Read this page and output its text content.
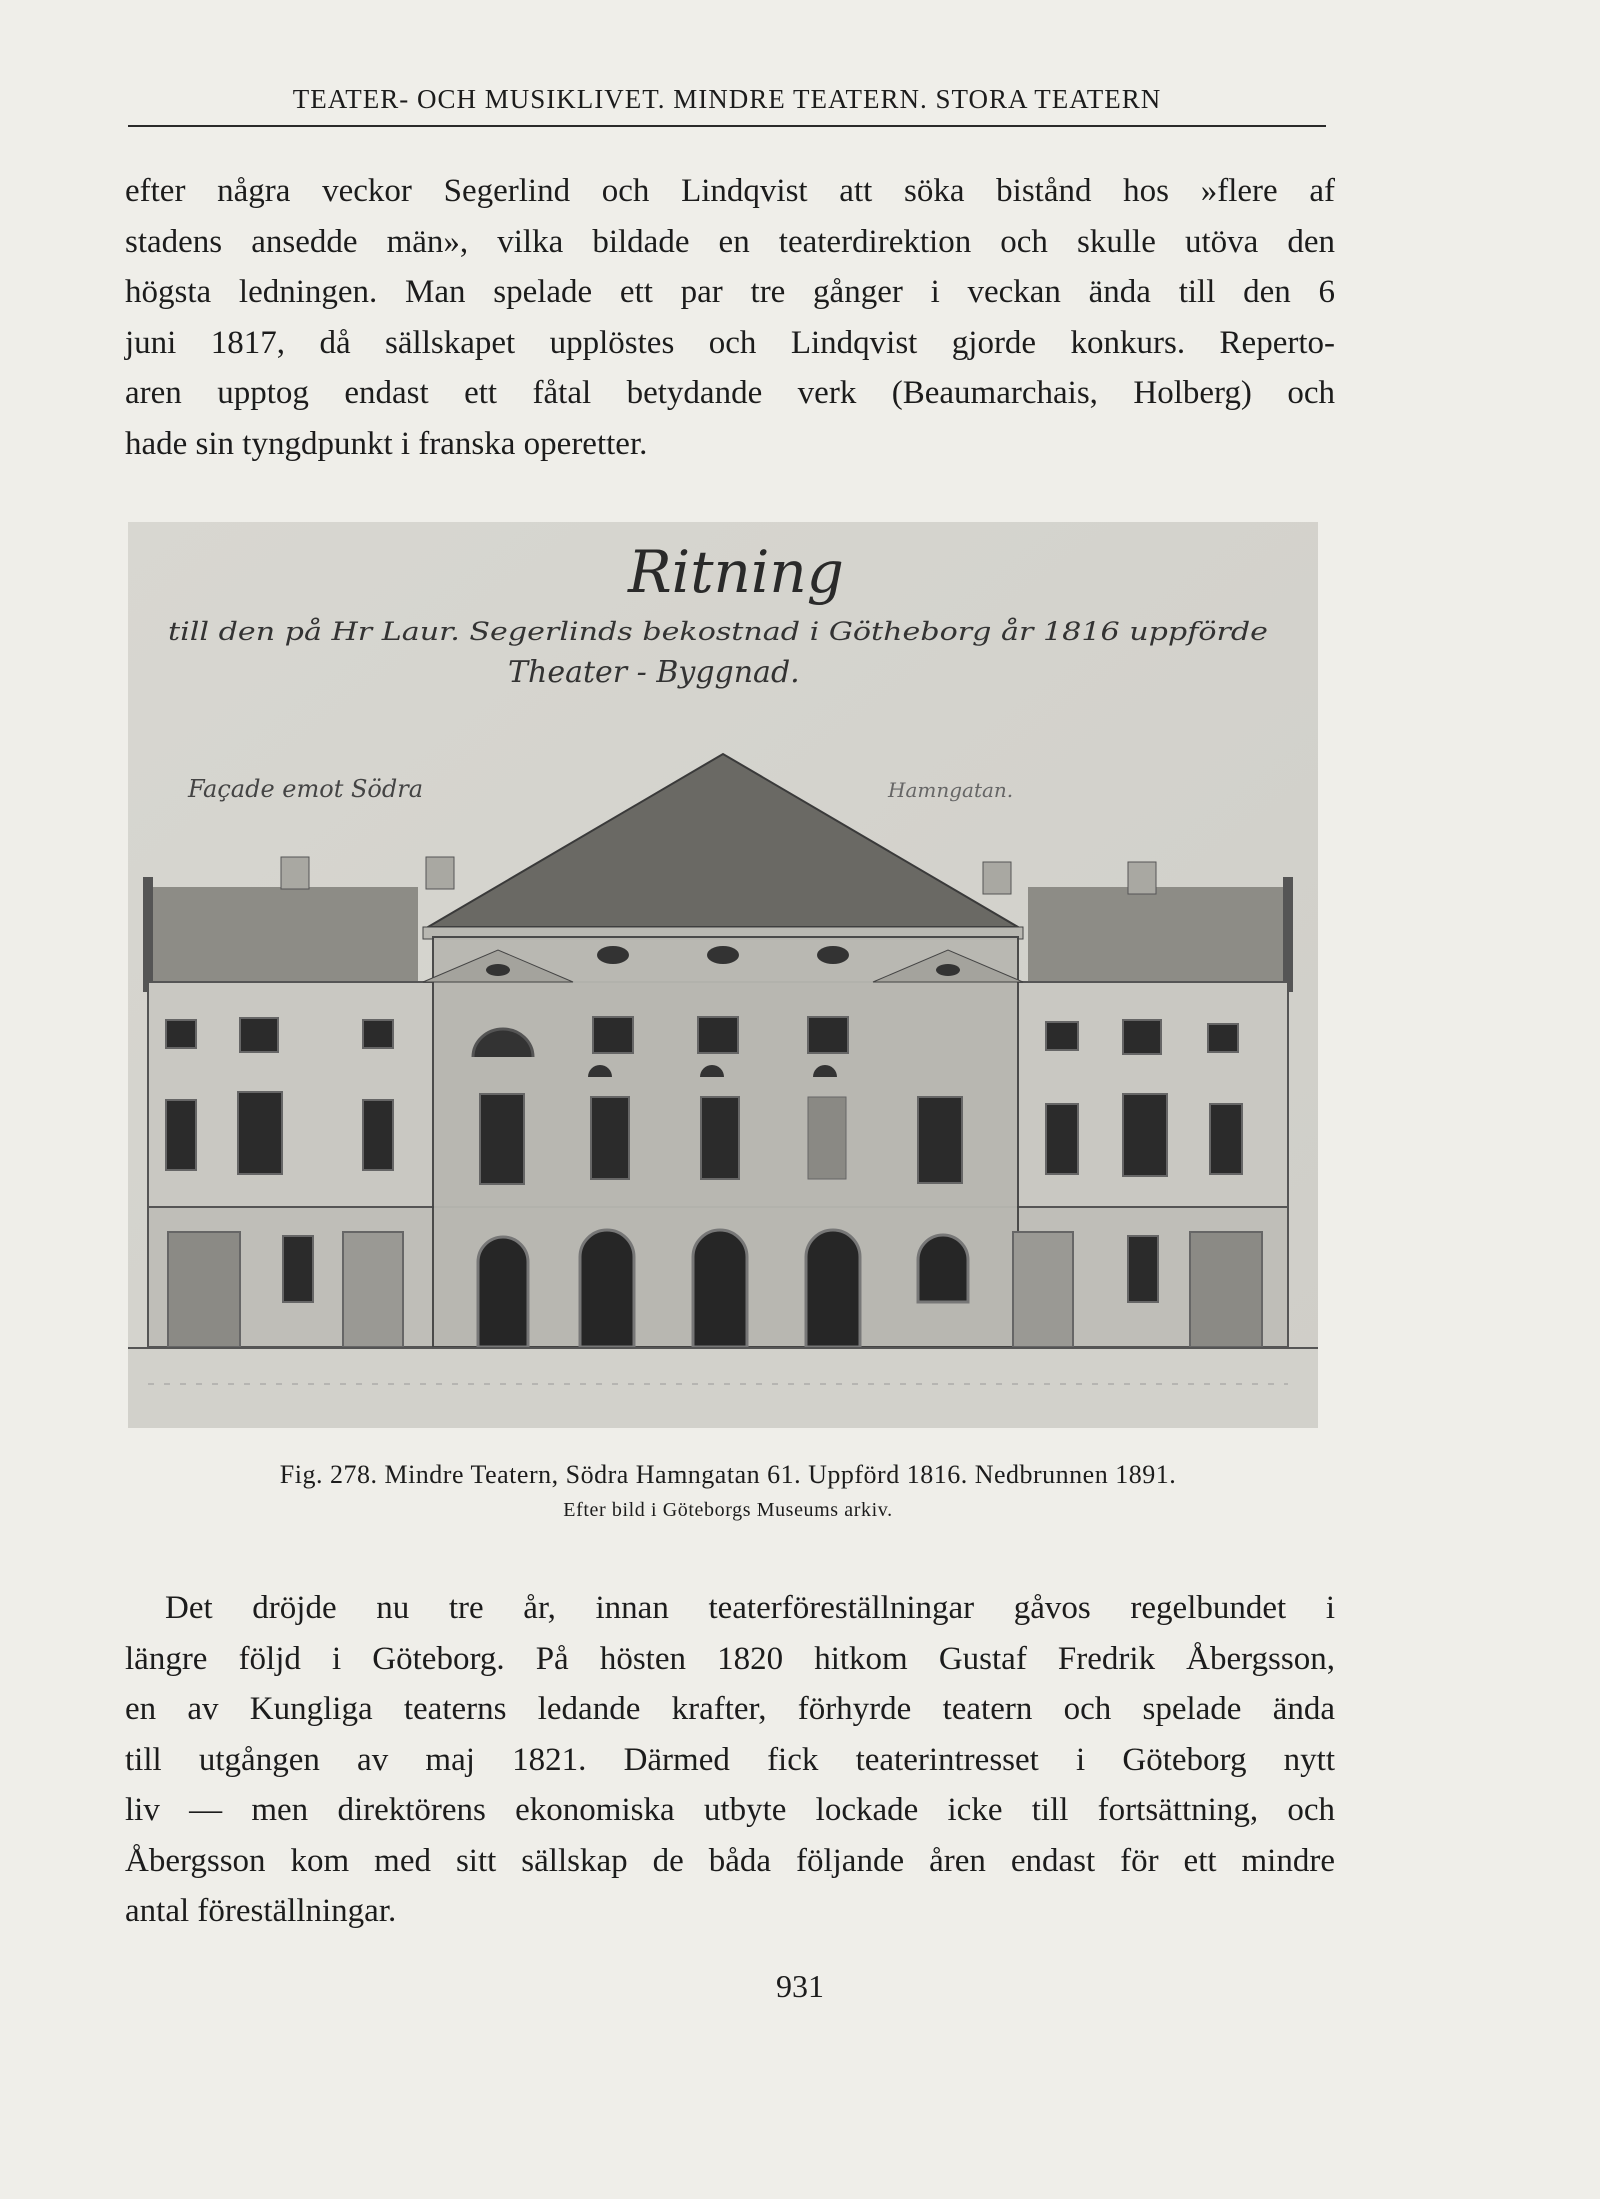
TEATER- OCH MUSIKLIVET. MINDRE TEATERN. STORA TEATERN
efter några veckor Segerlind och Lindqvist att söka bistånd hos »flere af
stadens ansedde män», vilka bildade en teaterdirektion och skulle utöva den
högsta ledningen. Man spelade ett par tre gånger i veckan ända till den 6
juni 1817, då sällskapet upplöstes och Lindqvist gjorde konkurs. Reperto-
aren upptog endast ett fåtal betydande verk (Beaumarchais, Holberg) och
hade sin tyngdpunkt i franska operetter.
Ritning
till den på Hr Laur. Segerlinds bekostnad i Götheborg år 1816 uppförde
Theater - Byggnad.
Façade emot Södra	Hamngatan.
Fig. 278. Mindre Teatern, Södra Hamngatan 61. Uppförd 1816. Nedbrunnen 1891.
Efter bild i Göteborgs Museums arkiv.
Det dröjde nu tre år, innan teaterföreställningar gåvos regelbundet i
längre följd i Göteborg. På hösten 1820 hitkom Gustaf Fredrik Åbergsson,
en av Kungliga teaterns ledande krafter, förhyrde teatern och spelade ända
till utgången av maj 1821. Därmed fick teaterintresset i Göteborg nytt
liv — men direktörens ekonomiska utbyte lockade icke till fortsättning, och
Åbergsson kom med sitt sällskap de båda följande åren endast för ett mindre
antal föreställningar.
931
